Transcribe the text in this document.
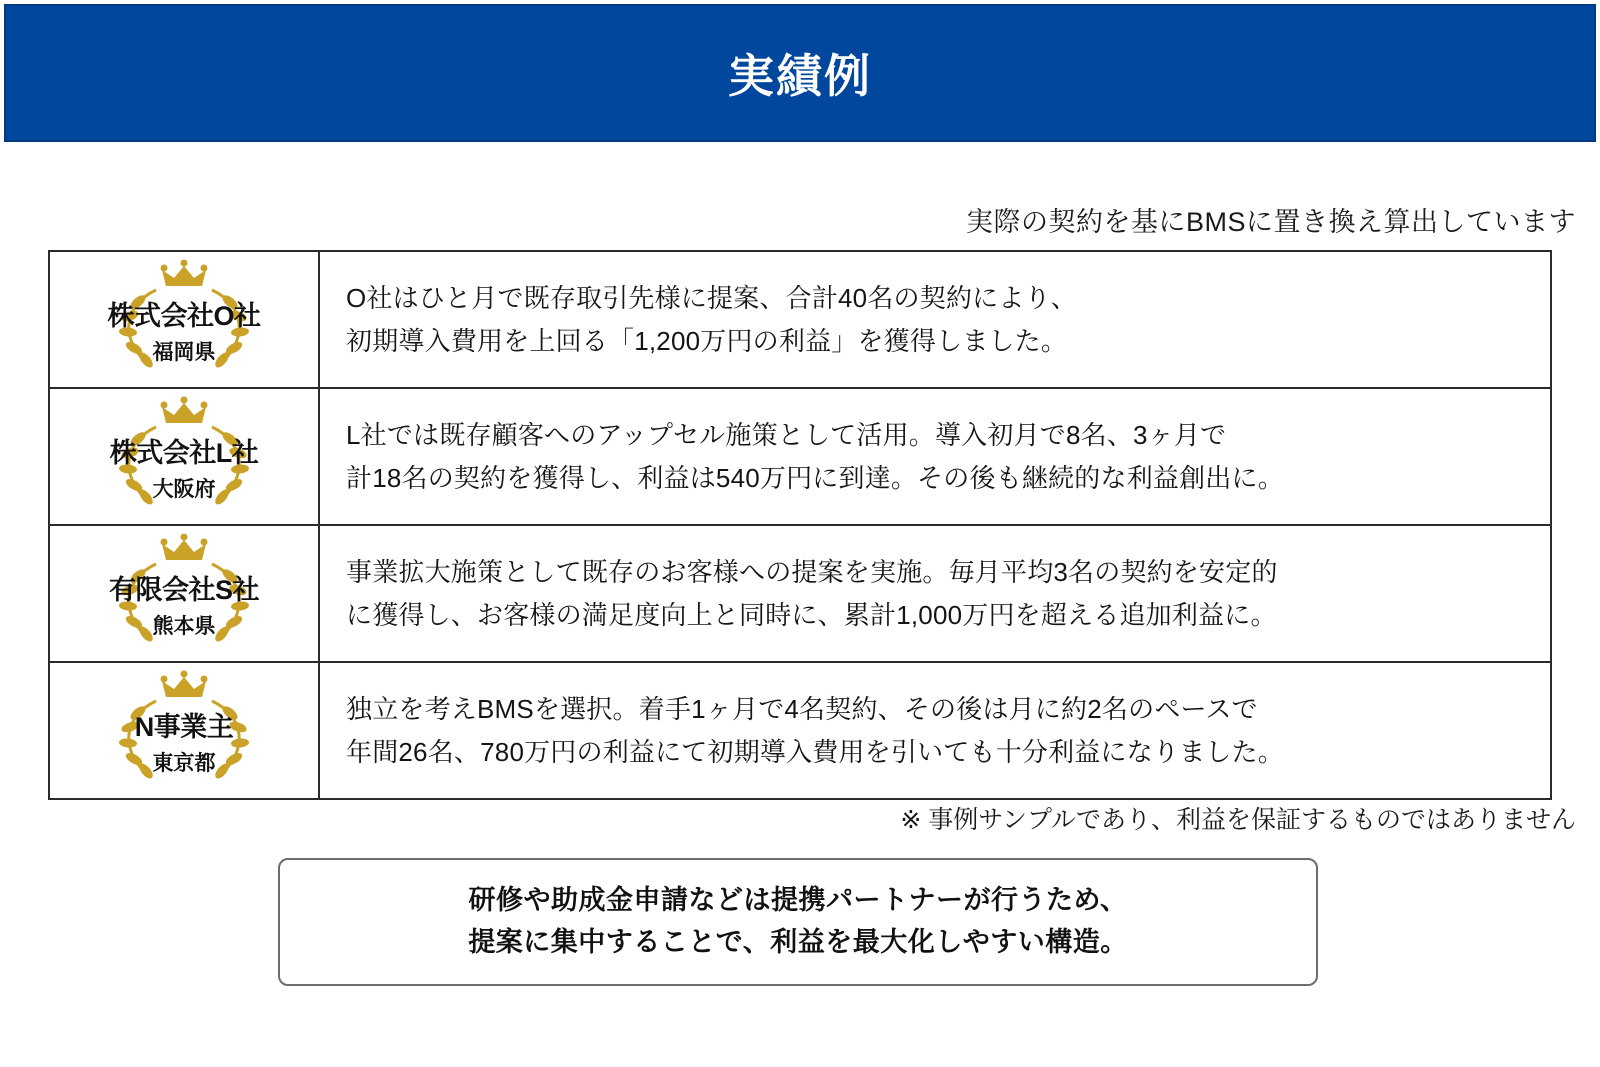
実績例
実際の契約を基にBMSに置き換え算出しています
株式会社O社
福岡県

O社はひと月で既存取引先様に提案、合計40名の契約により、
初期導入費用を上回る「1,200万円の利益」を獲得しました。

株式会社L社
大阪府

L社では既存顧客へのアップセル施策として活用。導入初月で8名、3ヶ月で
計18名の契約を獲得し、利益は540万円に到達。その後も継続的な利益創出に。

有限会社S社
熊本県

事業拡大施策として既存のお客様への提案を実施。毎月平均3名の契約を安定的
に獲得し、お客様の満足度向上と同時に、累計1,000万円を超える追加利益に。

N事業主
東京都

独立を考えBMSを選択。着手1ヶ月で4名契約、その後は月に約2名のペースで
年間26名、780万円の利益にて初期導入費用を引いても十分利益になりました。
※ 事例サンプルであり、利益を保証するものではありません
研修や助成金申請などは提携パートナーが行うため、
提案に集中することで、利益を最大化しやすい構造。
